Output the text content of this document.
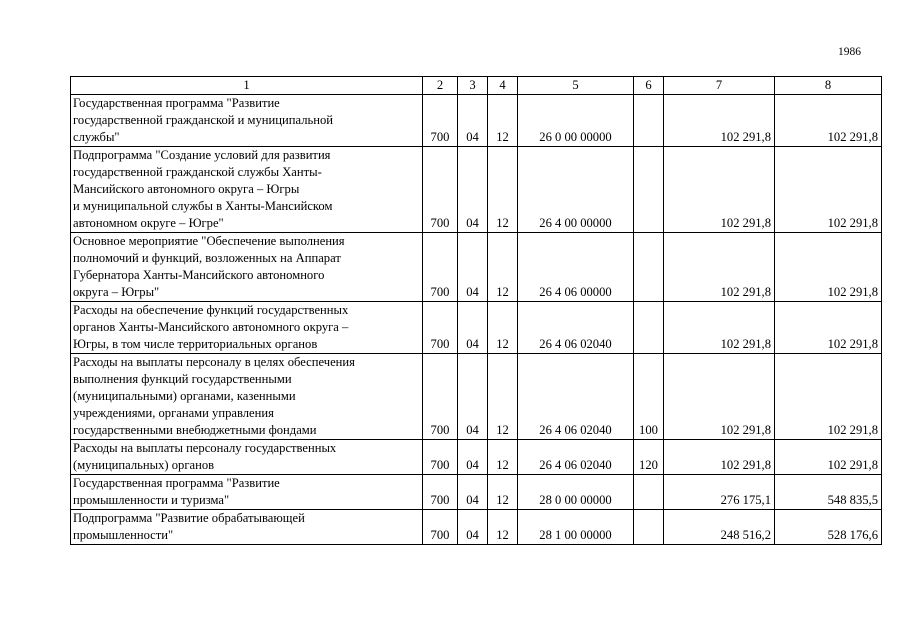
1986
1	2	3	4	5	6	7	8
Государственная программа "Развитие
государственной гражданской и муниципальной
службы"	700	04	12	26 0 00 00000		102 291,8	102 291,8
Подпрограмма "Создание условий для развития
государственной гражданской службы Ханты-
Мансийского автономного округа – Югры
и муниципальной службы в Ханты-Мансийском
автономном округе – Югре"	700	04	12	26 4 00 00000		102 291,8	102 291,8
Основное мероприятие "Обеспечение выполнения
полномочий и функций, возложенных на Аппарат
Губернатора Ханты-Мансийского автономного
округа – Югры"	700	04	12	26 4 06 00000		102 291,8	102 291,8
Расходы на обеспечение функций государственных
органов Ханты-Мансийского автономного округа –
Югры, в том числе территориальных органов	700	04	12	26 4 06 02040		102 291,8	102 291,8
Расходы на выплаты персоналу в целях обеспечения
выполнения функций государственными
(муниципальными) органами, казенными
учреждениями, органами управления
государственными внебюджетными фондами	700	04	12	26 4 06 02040	100	102 291,8	102 291,8
Расходы на выплаты персоналу государственных
(муниципальных) органов	700	04	12	26 4 06 02040	120	102 291,8	102 291,8
Государственная программа "Развитие
промышленности и туризма"	700	04	12	28 0 00 00000		276 175,1	548 835,5
Подпрограмма "Развитие обрабатывающей
промышленности"	700	04	12	28 1 00 00000		248 516,2	528 176,6
